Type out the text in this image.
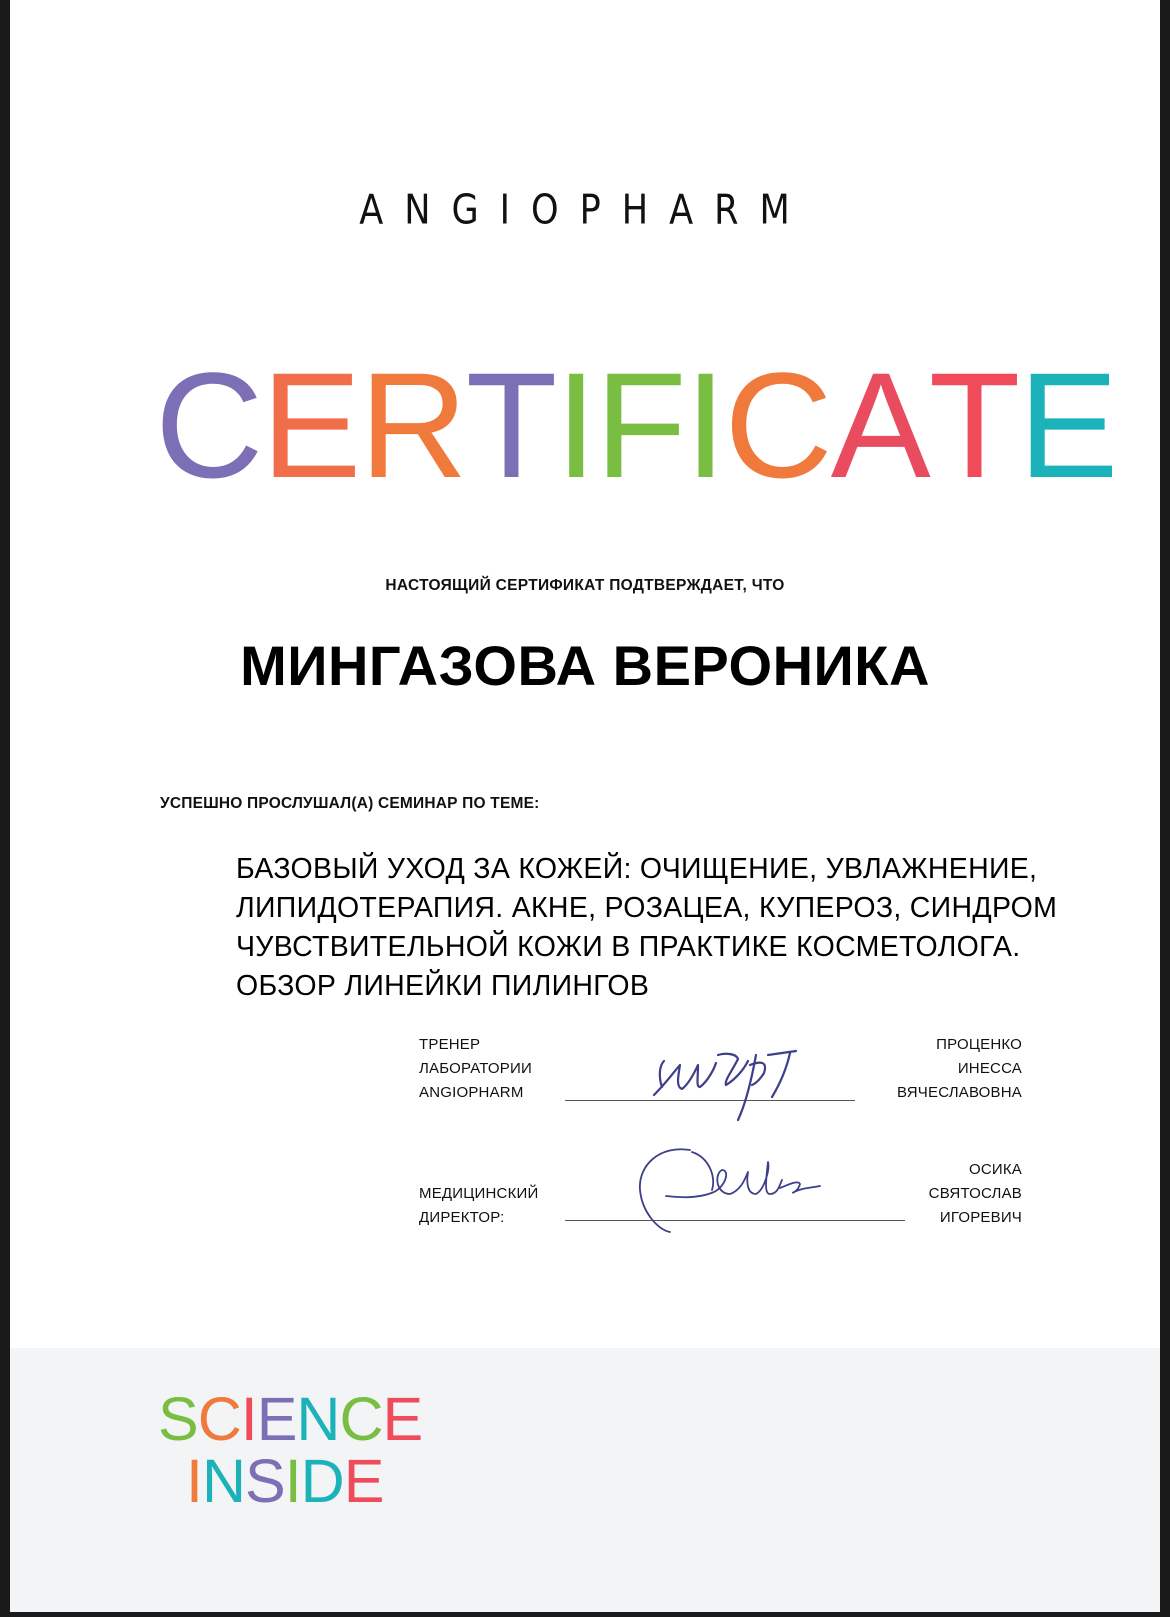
ANGIOPHARM
CERTIFICATE
НАСТОЯЩИЙ СЕРТИФИКАТ ПОДТВЕРЖДАЕТ, ЧТО
МИНГАЗОВА ВЕРОНИКА
УСПЕШНО ПРОСЛУШАЛ(А) СЕМИНАР ПО ТЕМЕ:
БАЗОВЫЙ УХОД ЗА КОЖЕЙ: ОЧИЩЕНИЕ, УВЛАЖНЕНИЕ,
ЛИПИДОТЕРАПИЯ. АКНЕ, РОЗАЦЕА, КУПЕРОЗ, СИНДРОМ
ЧУВСТВИТЕЛЬНОЙ КОЖИ В ПРАКТИКЕ КОСМЕТОЛОГА.
ОБЗОР ЛИНЕЙКИ ПИЛИНГОВ
ТРЕНЕР
ЛАБОРАТОРИИ
ANGIOPHARM
ПРОЦЕНКО
ИНЕССА
ВЯЧЕСЛАВОВНА
МЕДИЦИНСКИЙ
ДИРЕКТОР:
ОСИКА
СВЯТОСЛАВ
ИГОРЕВИЧ
SCIENCE
INSIDE
